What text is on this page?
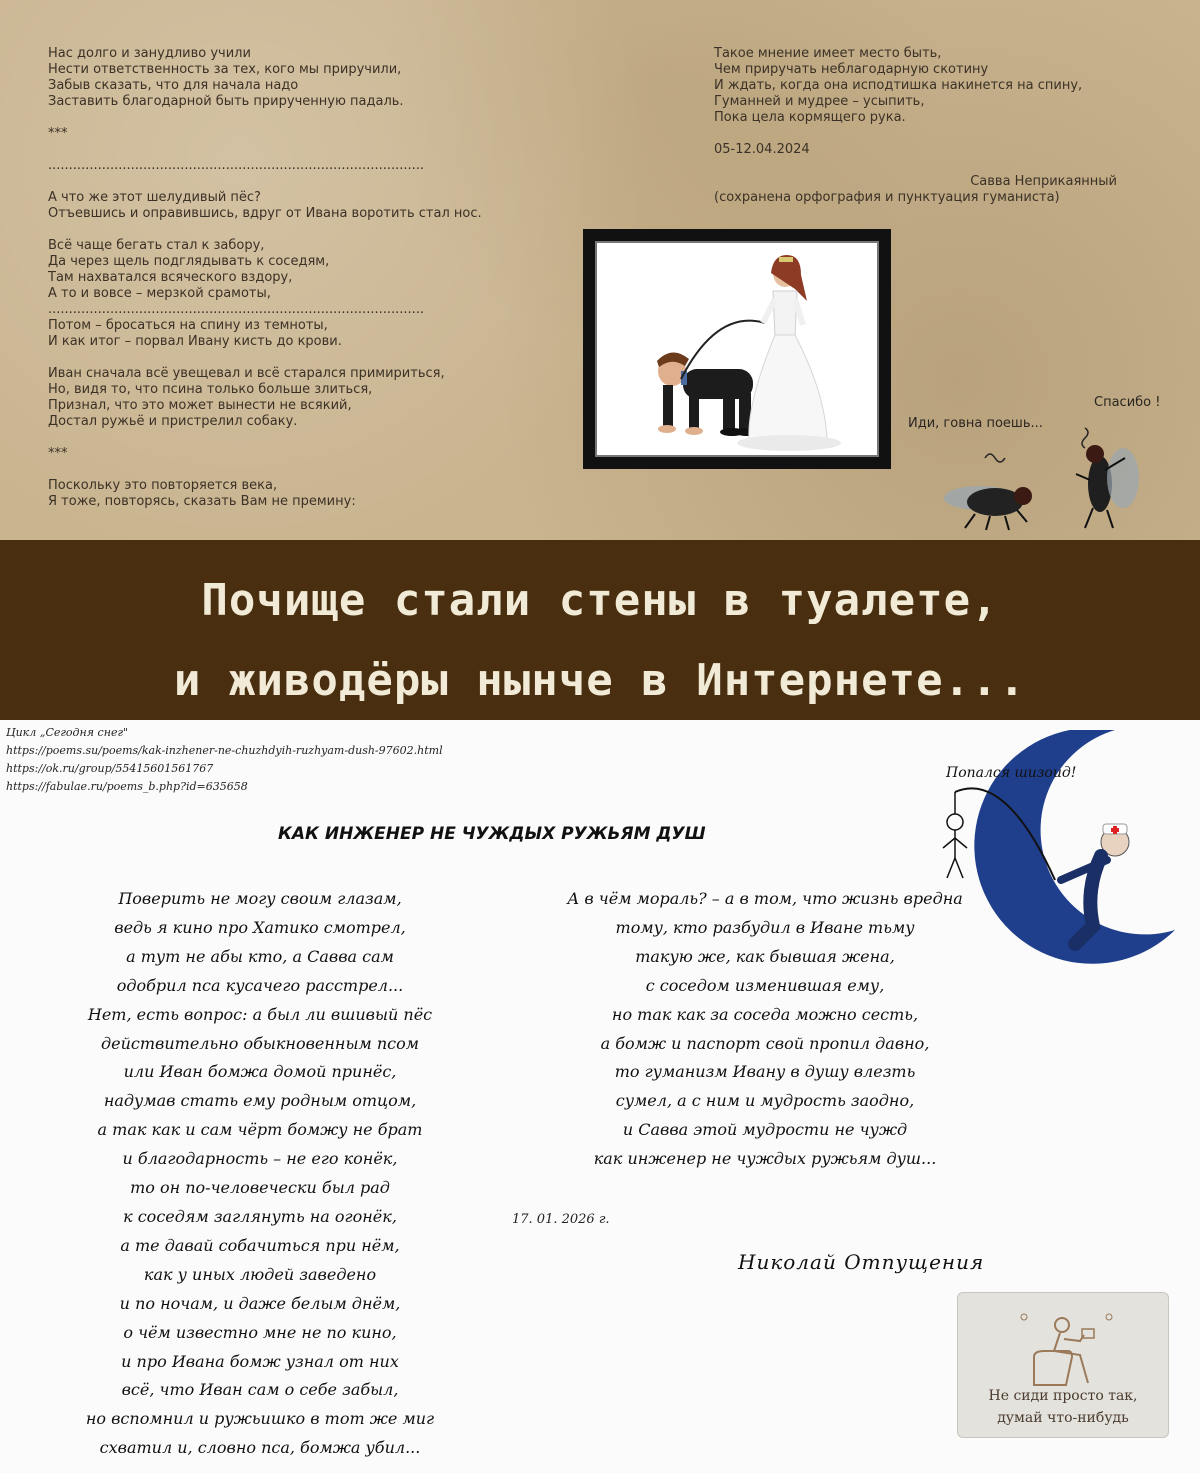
Нас долго и занудливо учили
Нести ответственность за тех, кого мы приручили,
Забыв сказать, что для начала надо
Заставить благодарной быть прирученную падаль.

***

...........................................................................................

А что же этот шелудивый пёс?
Отъевшись и оправившись, вдруг от Ивана воротить стал нос.

Всё чаще бегать стал к забору,
Да через щель подглядывать к соседям,
Там нахватался всяческого вздору,
А то и вовсе – мерзкой срамоты,
...........................................................................................
Потом – бросаться на спину из темноты,
И как итог – порвал Ивану кисть до крови.

Иван сначала всё увещевал и всё старался примириться,
Но, видя то, что псина только больше злиться,
Признал, что это может вынести не всякий,
Достал ружьё и пристрелил собаку.

***

Поскольку это повторяется века,
Я тоже, повторясь, сказать Вам не премину:
Такое мнение имеет место быть,
Чем приручать неблагодарную скотину
И ждать, когда она исподтишка накинется на спину,
Гуманней и мудрее – усыпить,
Пока цела кормящего рука.

05-12.04.2024

Савва Неприкаянный
(сохранена орфография и пунктуация гуманиста)
Иди, говна поешь...
Спасибо !
Почище стали стены в туалете,
и живодёры нынче в Интернете...
Цикл „Сегодня снег"
https://poems.su/poems/kak-inzhener-ne-chuzhdyih-ruzhyam-dush-97602.html
https://ok.ru/group/55415601561767
https://fabulae.ru/poems_b.php?id=635658
КАК ИНЖЕНЕР НЕ ЧУЖДЫХ РУЖЬЯМ ДУШ
Поверить не могу своим глазам,
ведь я кино про Хатико смотрел,
а тут не абы кто, а Савва сам
одобрил пса кусачего расстрел...
Нет, есть вопрос: а был ли вшивый пёс
действительно обыкновенным псом
или Иван бомжа домой принёс,
надумав стать ему родным отцом,
а так как и сам чёрт бомжу не брат
и благодарность – не его конёк,
то он по-человечески был рад
к соседям заглянуть на огонёк,
а те давай собачиться при нём,
как у иных людей заведено
и по ночам, и даже белым днём,
о чём известно мне не по кино,
и про Ивана бомж узнал от них
всё, что Иван сам о себе забыл,
но вспомнил и ружьишко в тот же миг
схватил и, словно пса, бомжа убил...
А в чём мораль? – а в том, что жизнь вредна
тому, кто разбудил в Иване тьму
такую же, как бывшая жена,
с соседом изменившая ему,
но так как за соседа можно сесть,
а бомж и паспорт свой пропил давно,
то гуманизм Ивану в душу влезть
сумел, а с ним и мудрость заодно,
и Савва этой мудрости не чужд
как инженер не чуждых ружьям душ...
17. 01. 2026 г.
Николай Отпущения
Попался шизоид!
Не сиди просто так,
думай что-нибудь
